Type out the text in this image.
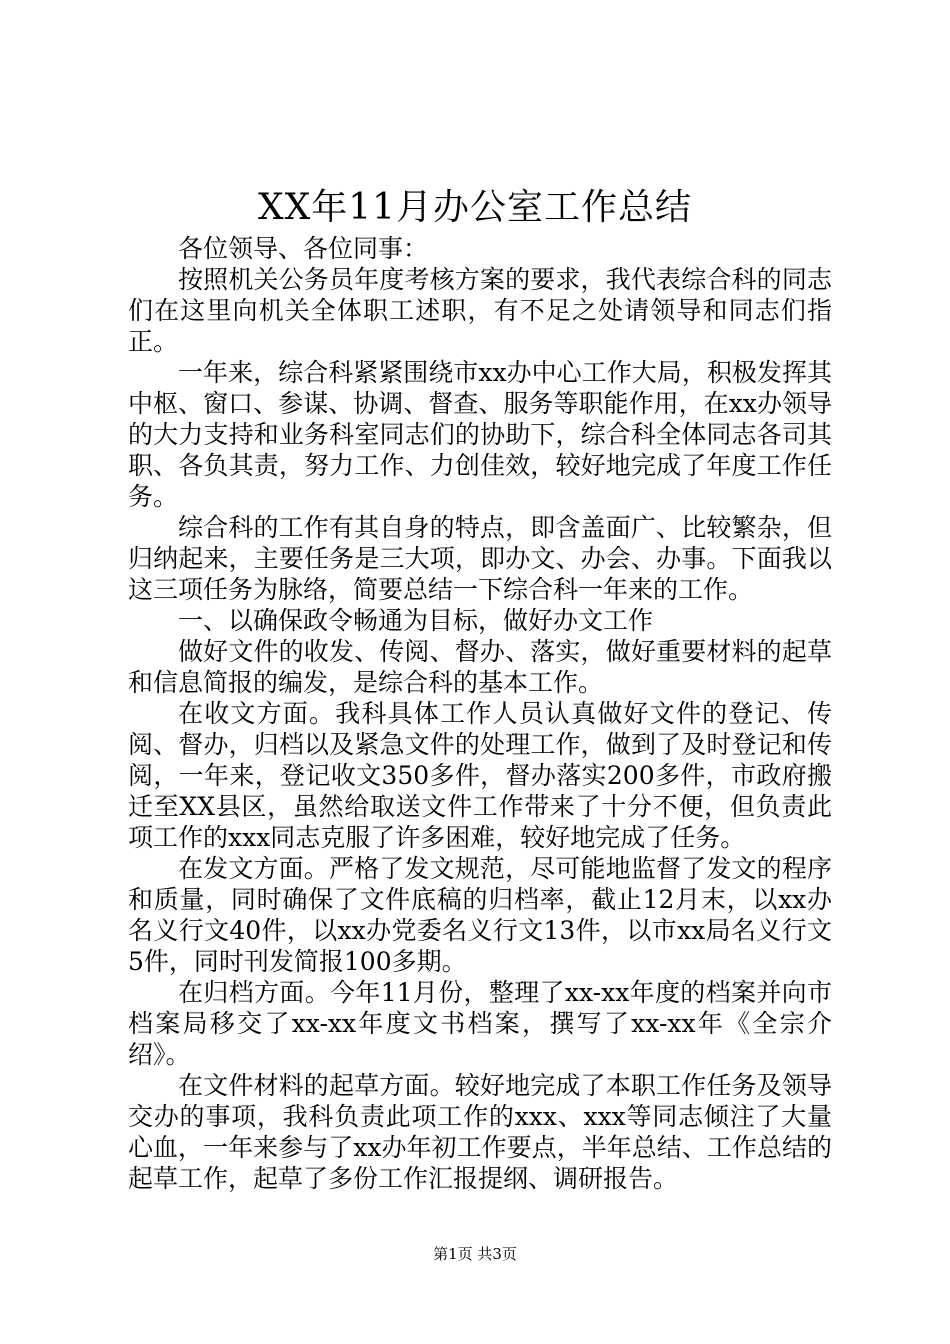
XX年11月办公室工作总结

各位领导、各位同事：

按照机关公务员年度考核方案的要求，我代表综合科的同志们在这里向机关全体职工述职，有不足之处请领导和同志们指正。

一年来，综合科紧紧围绕市xx办中心工作大局，积极发挥其中枢、窗口、参谋、协调、督查、服务等职能作用，在xx办领导的大力支持和业务科室同志们的协助下，综合科全体同志各司其职、各负其责，努力工作、力创佳效，较好地完成了年度工作任务。

综合科的工作有其自身的特点，即含盖面广、比较繁杂，但归纳起来，主要任务是三大项，即办文、办会、办事。下面我以这三项任务为脉络，简要总结一下综合科一年来的工作。

一、以确保政令畅通为目标，做好办文工作

做好文件的收发、传阅、督办、落实，做好重要材料的起草和信息简报的编发，是综合科的基本工作。

在收文方面。我科具体工作人员认真做好文件的登记、传阅、督办，归档以及紧急文件的处理工作，做到了及时登记和传阅，一年来，登记收文350多件，督办落实200多件，市政府搬迁至XX县区，虽然给取送文件工作带来了十分不便，但负责此项工作的xxx同志克服了许多困难，较好地完成了任务。

在发文方面。严格了发文规范，尽可能地监督了发文的程序和质量，同时确保了文件底稿的归档率，截止12月末，以xx办名义行文40件，以xx办党委名义行文13件，以市xx局名义行文5件，同时刊发简报100多期。

在归档方面。今年11月份，整理了xx-xx年度的档案并向市档案局移交了xx-xx年度文书档案，撰写了xx-xx年《全宗介绍》。

在文件材料的起草方面。较好地完成了本职工作任务及领导交办的事项，我科负责此项工作的xxx、xxx等同志倾注了大量心血，一年来参与了xx办年初工作要点，半年总结、工作总结的起草工作，起草了多份工作汇报提纲、调研报告。

第1页 共3页
